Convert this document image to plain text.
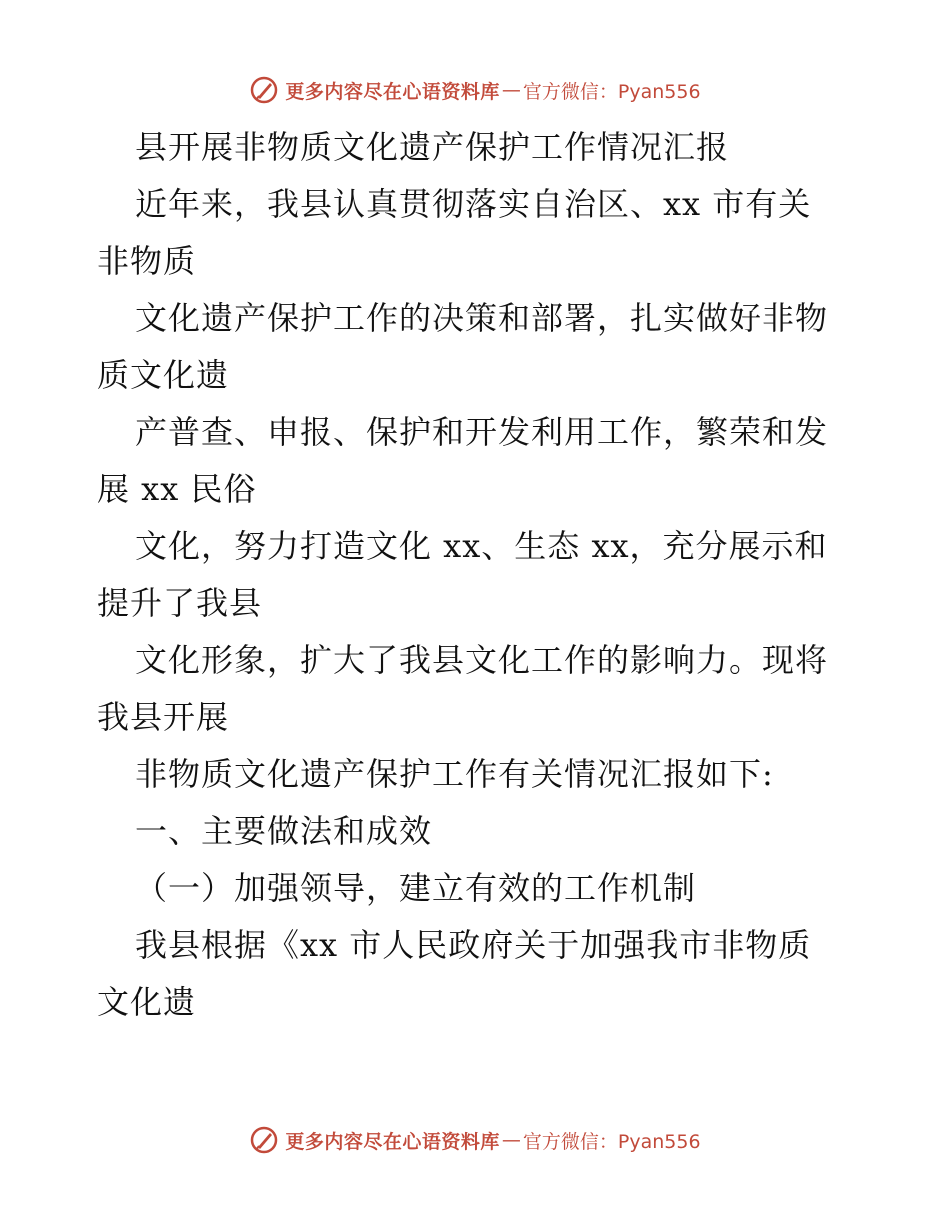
更多内容尽在心语资料库 — 官方微信：Pyan556
县开展非物质文化遗产保护工作情况汇报
近年来，我县认真贯彻落实自治区、xx 市有关
非物质
文化遗产保护工作的决策和部署，扎实做好非物
质文化遗
产普查、申报、保护和开发利用工作，繁荣和发
展 xx 民俗
文化，努力打造文化 xx、生态 xx，充分展示和
提升了我县
文化形象，扩大了我县文化工作的影响力。现将
我县开展
非物质文化遗产保护工作有关情况汇报如下:
一、主要做法和成效
（一）加强领导，建立有效的工作机制
我县根据《xx 市人民政府关于加强我市非物质
文化遗
更多内容尽在心语资料库 — 官方微信：Pyan556
